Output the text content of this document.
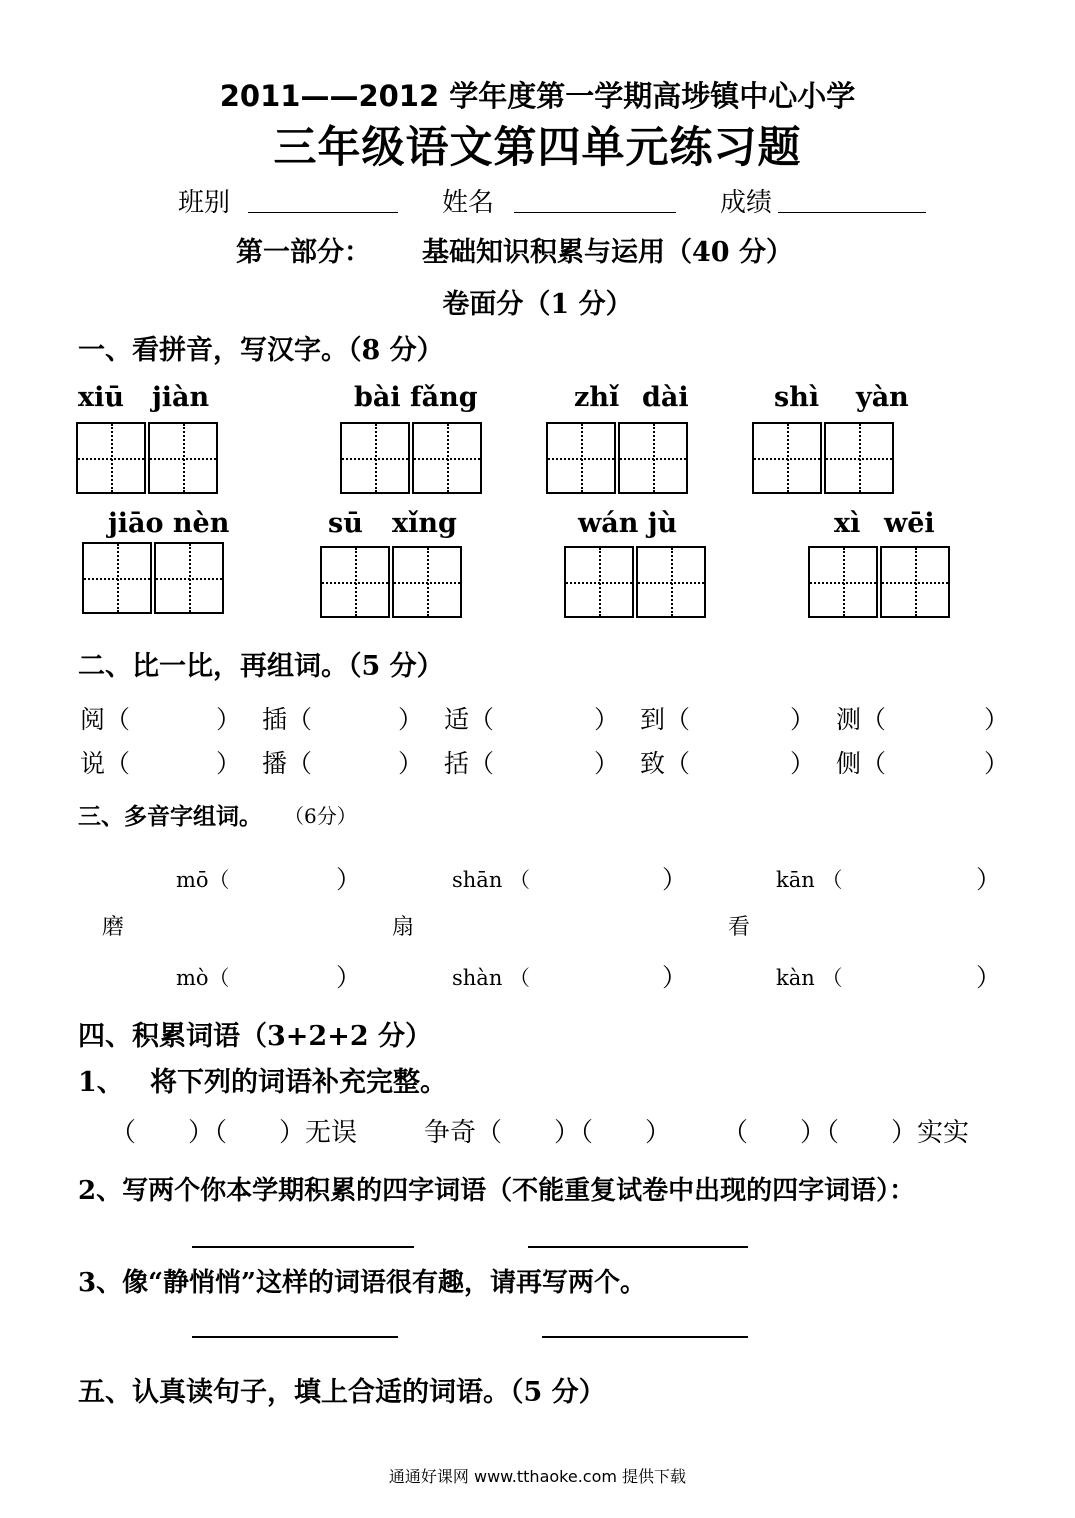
2011——2012 学年度第一学期高埗镇中心小学
三年级语文第四单元练习题
班别	姓名	成绩
第一部分： 基础知识积累与运用（40 分）
卷面分（1 分）
一、看拼音，写汉字。（8 分）
xiū jiàn	bài fǎng	zhǐ dài	shì yàn
jiāo nèn	sū xǐng	wán jù	xì wēi
二、比一比，再组词。（5 分）
阅（	） 插（	） 适（	） 到（	） 测（	）
说（	） 播（	） 括（	） 致（	） 侧（	）
三、多音字组词。 （6分）
mō（	）	shān （	）	kān （	）
磨	扇	看
mò（	）	shàn （	）	kàn （	）
四、积累词语（3+2+2 分）
1、 将下列的词语补充完整。
（　　）（　　）无误	争奇（　　）（　　） （　　）（　　）实实
2、写两个你本学期积累的四字词语（不能重复试卷中出现的四字词语）：
3、像“静悄悄”这样的词语很有趣，请再写两个。
五、认真读句子，填上合适的词语。（5 分）
通通好课网 www.tthaoke.com 提供下载
